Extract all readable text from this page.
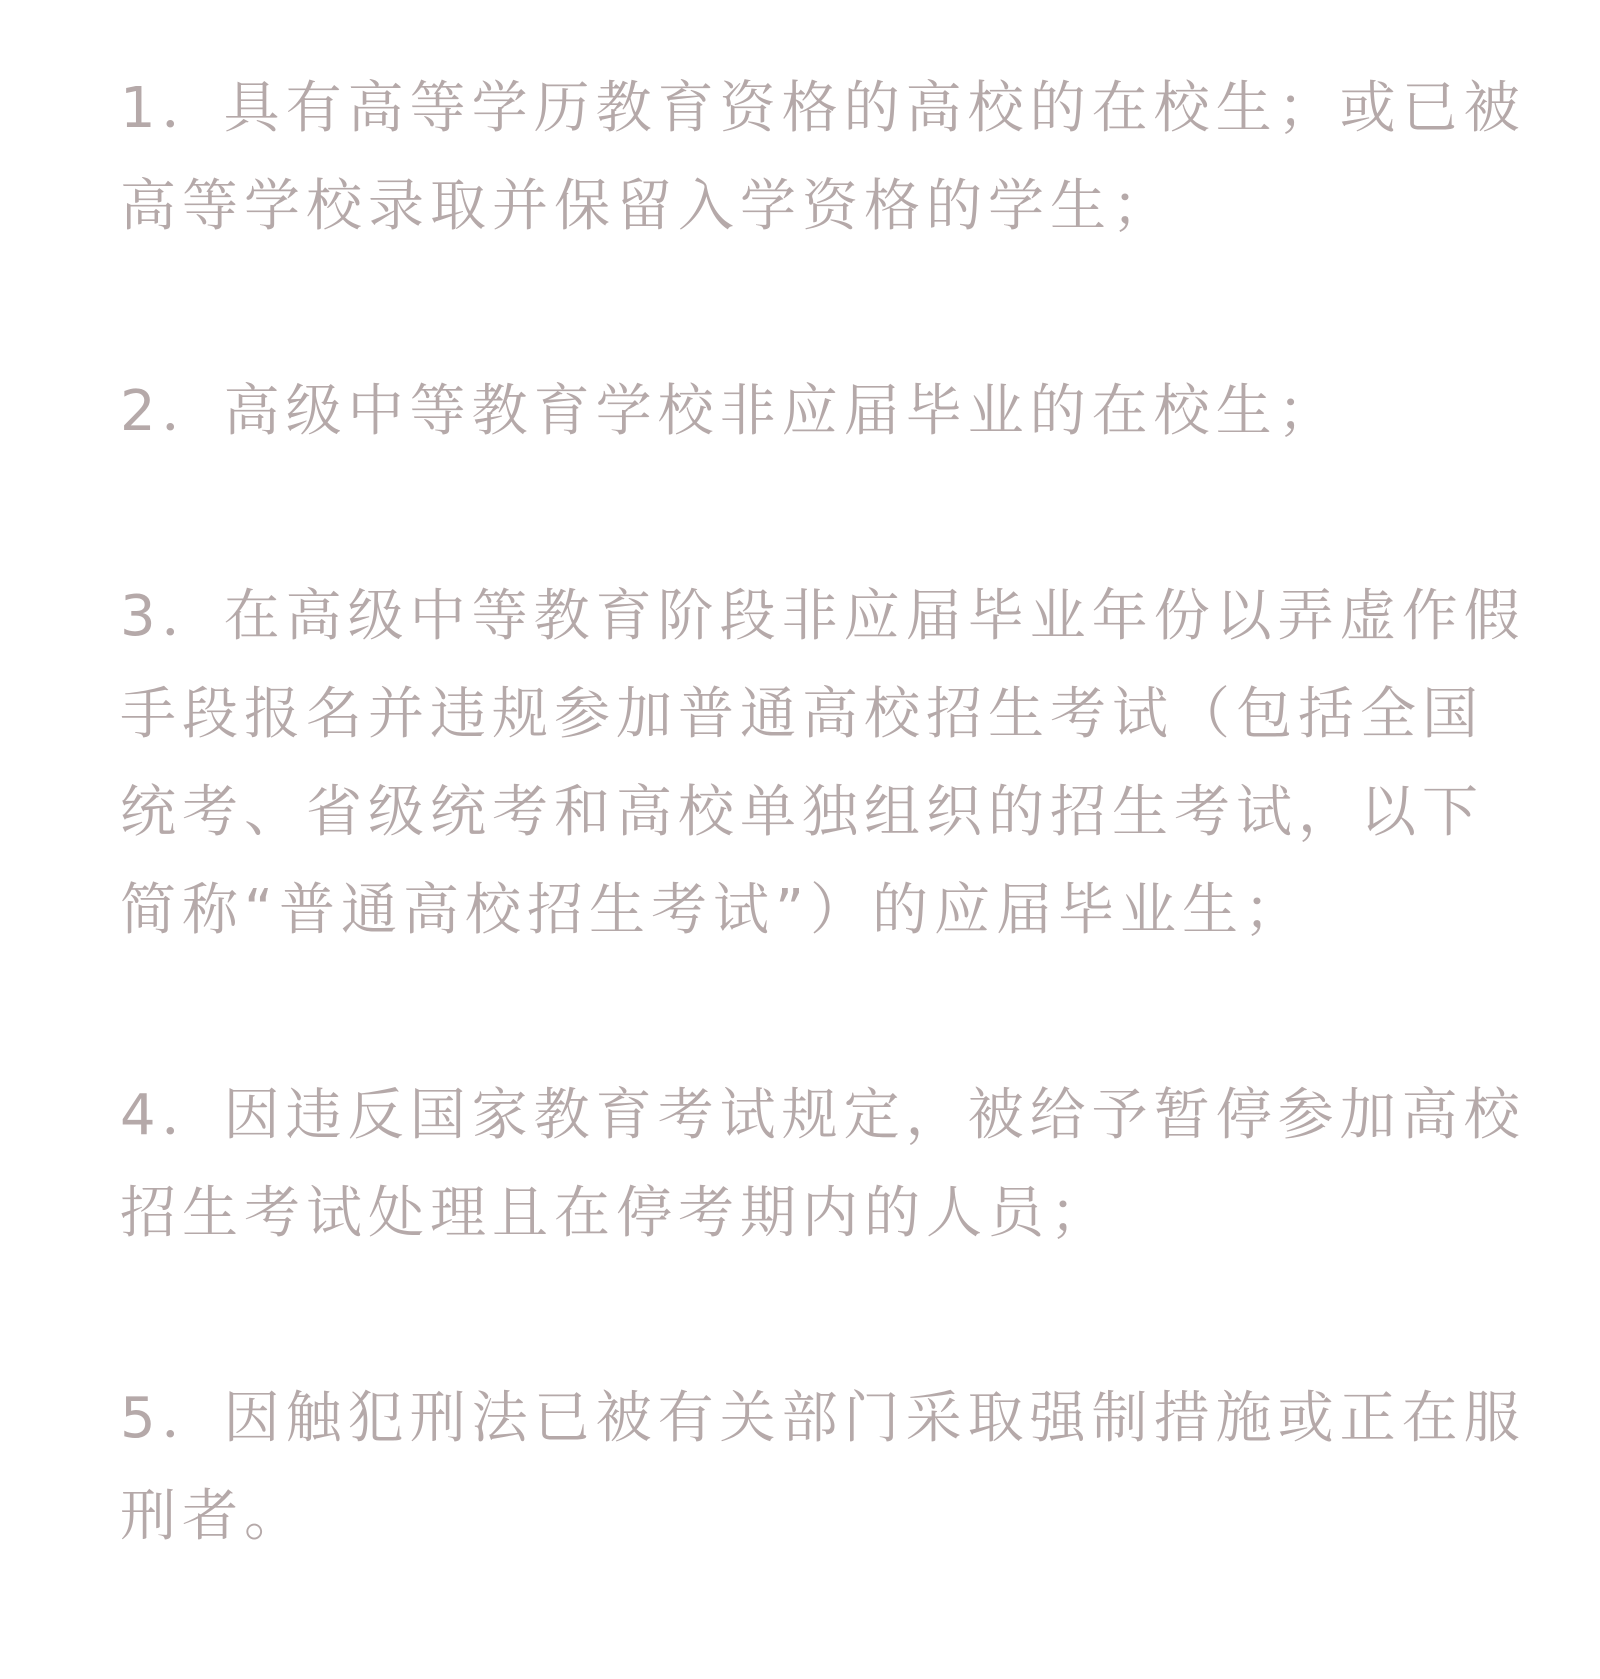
1．具有高等学历教育资格的高校的在校生；或已被
高等学校录取并保留入学资格的学生；
2．高级中等教育学校非应届毕业的在校生；
3．在高级中等教育阶段非应届毕业年份以弄虚作假
手段报名并违规参加普通高校招生考试（包括全国
统考、省级统考和高校单独组织的招生考试，以下
简称“普通高校招生考试”）的应届毕业生；
4．因违反国家教育考试规定，被给予暂停参加高校
招生考试处理且在停考期内的人员；
5．因触犯刑法已被有关部门采取强制措施或正在服
刑者。
